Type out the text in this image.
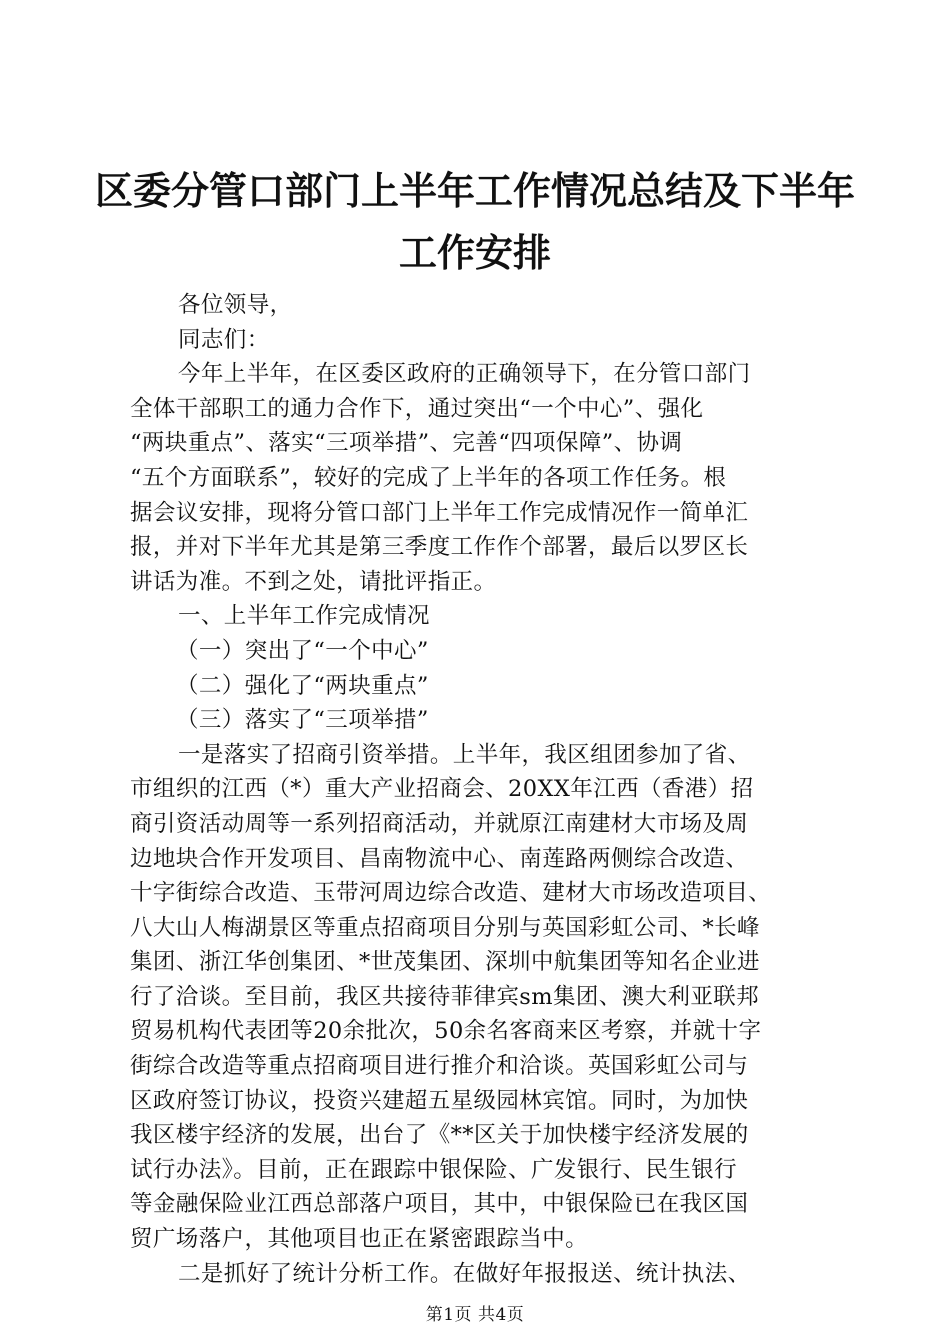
区委分管口部门上半年工作情况总结及下半年
工作安排
各位领导，
同志们：
今年上半年，在区委区政府的正确领导下，在分管口部门
全体干部职工的通力合作下，通过突出“一个中心”、强化
“两块重点”、落实“三项举措”、完善“四项保障”、协调
“五个方面联系”，较好的完成了上半年的各项工作任务。根
据会议安排，现将分管口部门上半年工作完成情况作一简单汇
报，并对下半年尤其是第三季度工作作个部署，最后以罗区长
讲话为准。不到之处，请批评指正。
一、上半年工作完成情况
（一）突出了“一个中心”
（二）强化了“两块重点”
（三）落实了“三项举措”
一是落实了招商引资举措。上半年，我区组团参加了省、
市组织的江西（*）重大产业招商会、20XX年江西（香港）招
商引资活动周等一系列招商活动，并就原江南建材大市场及周
边地块合作开发项目、昌南物流中心、南莲路两侧综合改造、
十字街综合改造、玉带河周边综合改造、建材大市场改造项目、
八大山人梅湖景区等重点招商项目分别与英国彩虹公司、*长峰
集团、浙江华创集团、*世茂集团、深圳中航集团等知名企业进
行了洽谈。至目前，我区共接待菲律宾sm集团、澳大利亚联邦
贸易机构代表团等20余批次，50余名客商来区考察，并就十字
街综合改造等重点招商项目进行推介和洽谈。英国彩虹公司与
区政府签订协议，投资兴建超五星级园林宾馆。同时，为加快
我区楼宇经济的发展，出台了《**区关于加快楼宇经济发展的
试行办法》。目前，正在跟踪中银保险、广发银行、民生银行
等金融保险业江西总部落户项目，其中，中银保险已在我区国
贸广场落户，其他项目也正在紧密跟踪当中。
二是抓好了统计分析工作。在做好年报报送、统计执法、
第1页 共4页
